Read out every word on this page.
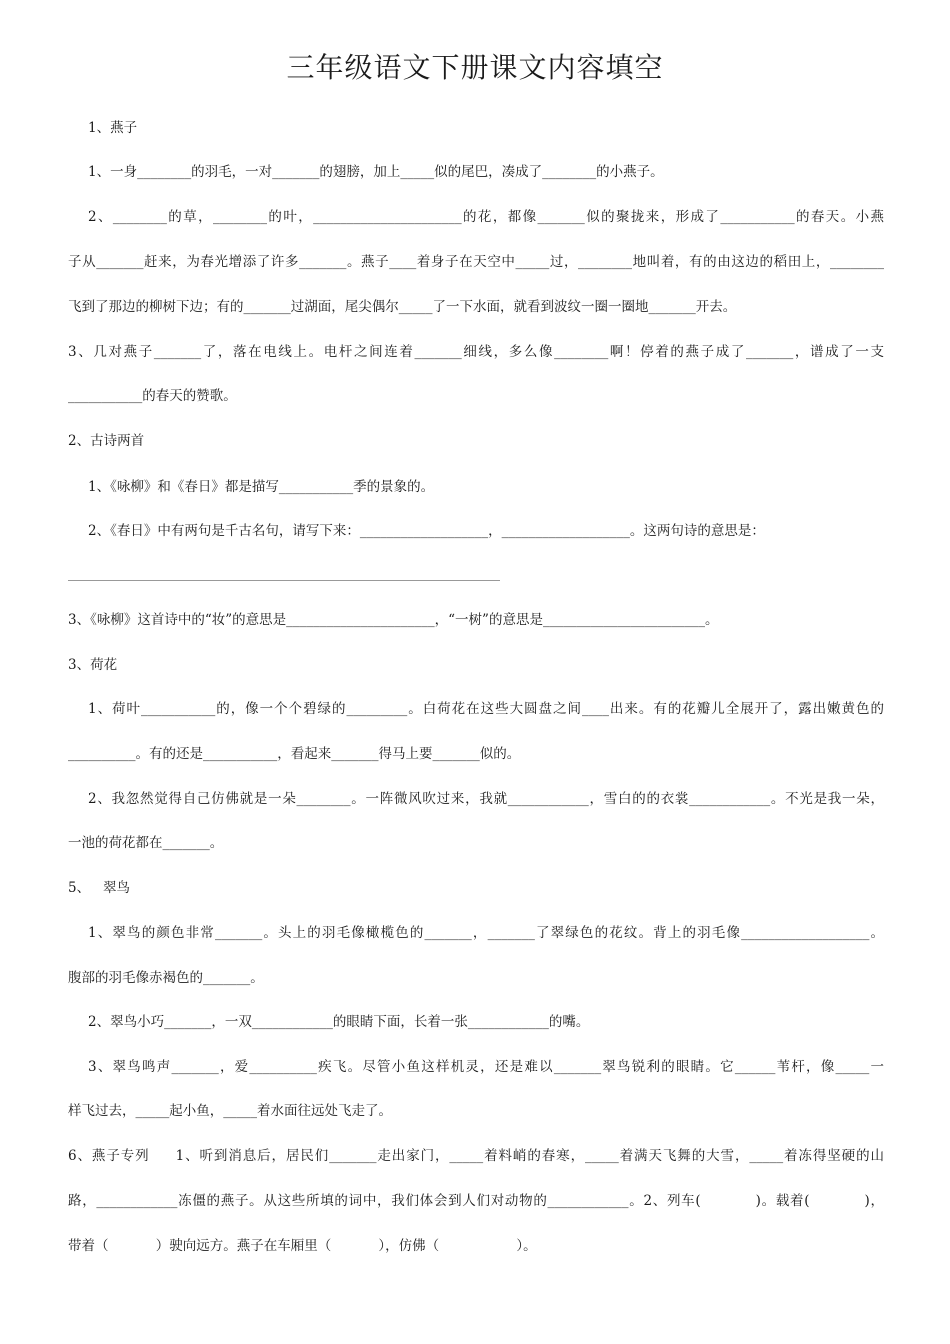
三年级语文下册课文内容填空
1、燕子
1、一身________的羽毛，一对_______的翅膀，加上_____似的尾巴，凑成了________的小燕子。
2、________的草，________的叶，______________________的花，都像_______似的聚拢来，形成了___________的春天。小燕
子从_______赶来，为春光增添了许多_______。燕子____着身子在天空中_____过，________地叫着，有的由这边的稻田上，________
飞到了那边的柳树下边；有的_______过湖面，尾尖偶尔_____了一下水面，就看到波纹一圈一圈地_______开去。
3、几对燕子_______了，落在电线上。电杆之间连着_______细线，多么像________啊！停着的燕子成了_______，谱成了一支
___________的春天的赞歌。
2、古诗两首
1、《咏柳》和《春日》都是描写___________季的景象的。
2、《春日》中有两句是千古名句，请写下来：___________________，___________________。这两句诗的意思是：
3、《咏柳》这首诗中的“妆”的意思是______________________，“一树”的意思是________________________。
3、荷花
1、荷叶___________的，像一个个碧绿的_________。白荷花在这些大圆盘之间____出来。有的花瓣儿全展开了，露出嫩黄色的
__________。有的还是___________，看起来_______得马上要_______似的。
2、我忽然觉得自己仿佛就是一朵________。一阵微风吹过来，我就____________，雪白的的衣裳____________。不光是我一朵，
一池的荷花都在_______。
5、   翠鸟
1、翠鸟的颜色非常_______。头上的羽毛像橄榄色的_______，_______了翠绿色的花纹。背上的羽毛像___________________。
腹部的羽毛像赤褐色的_______。
2、翠鸟小巧_______，一双____________的眼睛下面，长着一张____________的嘴。
3、翠鸟鸣声_______，爱__________疾飞。尽管小鱼这样机灵，还是难以_______翠鸟锐利的眼睛。它______苇杆，像_____一
样飞过去，_____起小鱼，_____着水面往远处飞走了。
6、燕子专列     1、听到消息后，居民们_______走出家门，_____着料峭的春寒，_____着满天飞舞的大雪，_____着冻得坚硬的山
路，____________冻僵的燕子。从这些所填的词中，我们体会到人们对动物的____________。2、列车(           )。载着(           )，
带着（           ）驶向远方。燕子在车厢里（           ），仿佛（                  ）。
